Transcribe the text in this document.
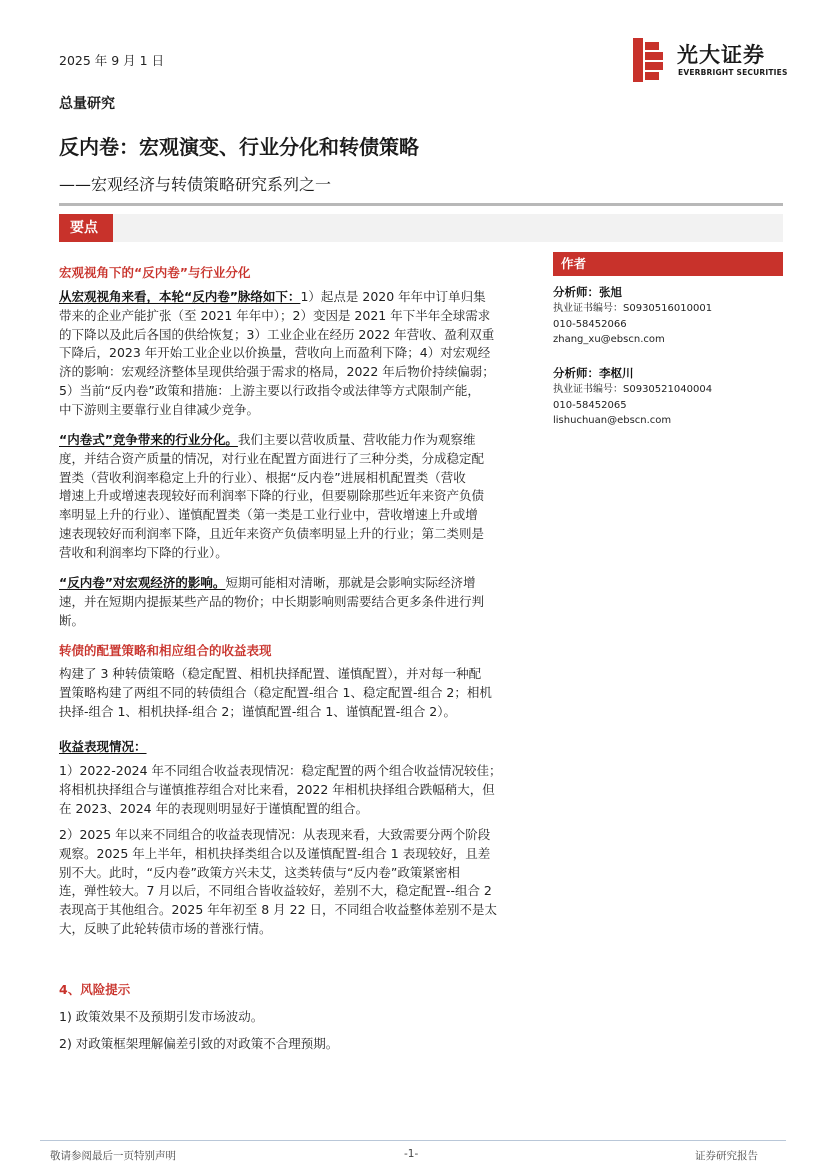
2025 年 9 月 1 日	光大证券
EVERBRIGHT SECURITIES
总量研究
反内卷：宏观演变、行业分化和转债策略
——宏观经济与转债策略研究系列之一
要点
宏观视角下的“反内卷”与行业分化
从宏观视角来看，本轮“反内卷”脉络如下：1）起点是 2020 年年中订单归集
带来的企业产能扩张（至 2021 年年中）；2）变因是 2021 年下半年全球需求
的下降以及此后各国的供给恢复；3）工业企业在经历 2022 年营收、盈利双重
下降后，2023 年开始工业企业以价换量，营收向上而盈利下降；4）对宏观经
济的影响：宏观经济整体呈现供给强于需求的格局，2022 年后物价持续偏弱；
5）当前“反内卷”政策和措施：上游主要以行政指令或法律等方式限制产能，
中下游则主要靠行业自律减少竞争。
“内卷式”竞争带来的行业分化。我们主要以营收质量、营收能力作为观察维
度，并结合资产质量的情况，对行业在配置方面进行了三种分类，分成稳定配
置类（营收利润率稳定上升的行业）、根据“反内卷”进展相机配置类（营收
增速上升或增速表现较好而利润率下降的行业，但要剔除那些近年来资产负债
率明显上升的行业）、谨慎配置类（第一类是工业行业中，营收增速上升或增
速表现较好而利润率下降，且近年来资产负债率明显上升的行业；第二类则是
营收和利润率均下降的行业）。
“反内卷”对宏观经济的影响。短期可能相对清晰，那就是会影响实际经济增
速，并在短期内提振某些产品的物价；中长期影响则需要结合更多条件进行判
断。
转债的配置策略和相应组合的收益表现
构建了 3 种转债策略（稳定配置、相机抉择配置、谨慎配置），并对每一种配
置策略构建了两组不同的转债组合（稳定配置-组合 1、稳定配置-组合 2；相机
抉择-组合 1、相机抉择-组合 2；谨慎配置-组合 1、谨慎配置-组合 2）。
收益表现情况：
1）2022-2024 年不同组合收益表现情况：稳定配置的两个组合收益情况较佳；
将相机抉择组合与谨慎推荐组合对比来看，2022 年相机抉择组合跌幅稍大，但
在 2023、2024 年的表现则明显好于谨慎配置的组合。
2）2025 年以来不同组合的收益表现情况：从表现来看，大致需要分两个阶段
观察。2025 年上半年，相机抉择类组合以及谨慎配置-组合 1 表现较好，且差
别不大。此时，“反内卷”政策方兴未艾，这类转债与“反内卷”政策紧密相
连，弹性较大。7 月以后，不同组合皆收益较好，差别不大，稳定配置--组合 2
表现高于其他组合。2025 年年初至 8 月 22 日，不同组合收益整体差别不是太
大，反映了此轮转债市场的普涨行情。
4、风险提示
1) 政策效果不及预期引发市场波动。
2) 对政策框架理解偏差引致的对政策不合理预期。
作者
分析师：张旭
执业证书编号：S0930516010001
010-58452066
zhang_xu@ebscn.com
分析师：李枢川
执业证书编号：S0930521040004
010-58452065
lishuchuan@ebscn.com
敬请参阅最后一页特别声明	-1-	证券研究报告
